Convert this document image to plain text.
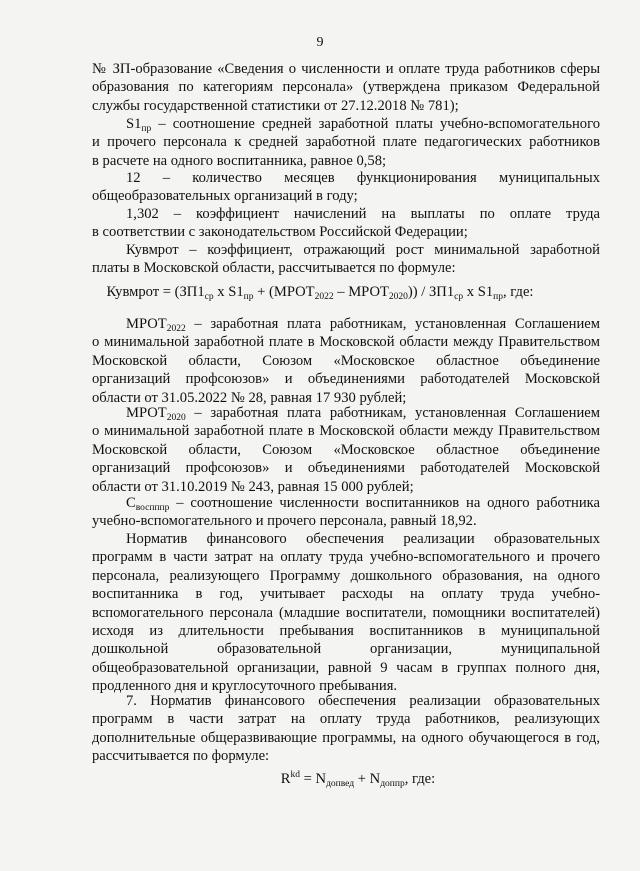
9
№ ЗП-образование «Сведения о численности и оплате труда работников сферы
образования по категориям персонала» (утверждена приказом Федеральной
службы государственной статистики от 27.12.2018 № 781);
$S1_{пр}$ – соотношение средней заработной платы учебно-вспомогательного
и прочего персонала к средней заработной плате педагогических работников
в расчете на одного воспитанника, равное 0,58;
12 – количество месяцев функционирования муниципальных
общеобразовательных организаций в году;
1,302 – коэффициент начислений на выплаты по оплате труда
в соответствии с законодательством Российской Федерации;
Кувмрот – коэффициент, отражающий рост минимальной заработной
платы в Московской области, рассчитывается по формуле:
Кувмрот = ($ЗП1_{ср}$ x $S1_{пр}$ + ($МРОТ_{2022}$ – $МРОТ_{2020})) / ЗП1_{ср}$ x $S1_{пр}$, где:
$МРОТ_{2022}$ – заработная плата работникам, установленная Соглашением
о минимальной заработной плате в Московской области между Правительством
Московской области, Союзом «Московское областное объединение
организаций профсоюзов» и объединениями работодателей Московской
области от 31.05.2022 № 28, равная 17 930 рублей;
$МРОТ_{2020}$ – заработная плата работникам, установленная Соглашением
о минимальной заработной плате в Московской области между Правительством
Московской области, Союзом «Московское областное объединение
организаций профсоюзов» и объединениями работодателей Московской
области от 31.10.2019 № 243, равная 15 000 рублей;
$С_{воспппр}$ – соотношение численности воспитанников на одного работника
учебно-вспомогательного и прочего персонала, равный 18,92.
Норматив финансового обеспечения реализации образовательных
программ в части затрат на оплату труда учебно-вспомогательного и прочего
персонала, реализующего Программу дошкольного образования, на одного
воспитанника в год, учитывает расходы на оплату труда учебно-
вспомогательного персонала (младшие воспитатели, помощники воспитателей)
исходя из длительности пребывания воспитанников в муниципальной
дошкольной образовательной организации, муниципальной
общеобразовательной организации, равной 9 часам в группах полного дня,
продленного дня и круглосуточного пребывания.
7. Норматив финансового обеспечения реализации образовательных
программ в части затрат на оплату труда работников, реализующих
дополнительные общеразвивающие программы, на одного обучающегося в год,
рассчитывается по формуле:
$R^{kd} = N_{допвед} + N_{доппр}$, где:
